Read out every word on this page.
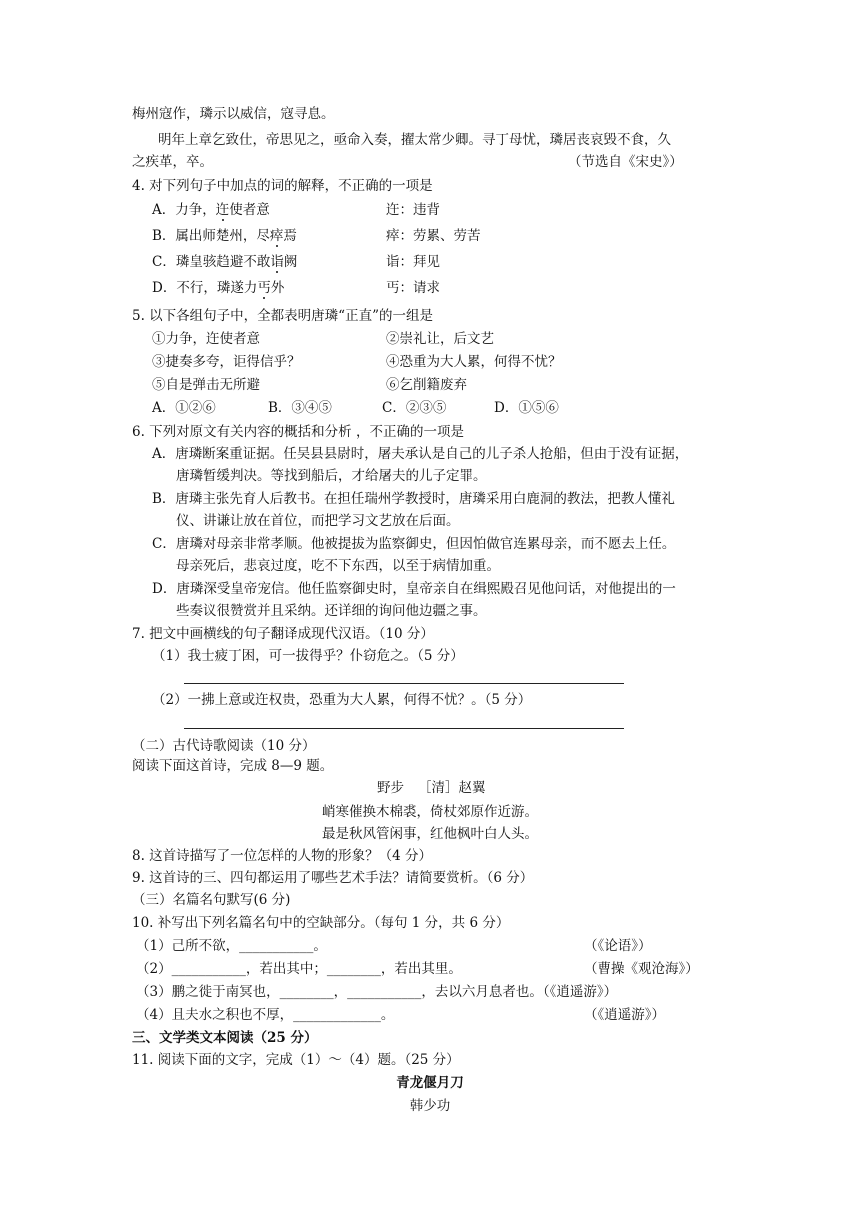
梅州寇作，璘示以威信，寇寻息。
明年上章乞致仕，帝思见之，亟命入奏，擢太常少卿。寻丁母忧，璘居丧哀毁不食，久
之疾革，卒。	（节选自《宋史》）
4. 对下列句子中加点的词的解释，不正确的一项是
A．力争，迕使者意	迕：违背
B．属出师楚州，尽瘁焉	瘁：劳累、劳苦
C．璘皇骇趋避不敢诣阙	诣：拜见
D．不行，璘遂力丐外	丐：请求
5. 以下各组句子中，全都表明唐璘“正直”的一组是
①力争，迕使者意	②崇礼让，后文艺
③捷奏多夸，讵得信乎？	④恐重为大人累，何得不忧？
⑤自是弹击无所避	⑥乞削籍废弃
A．①②⑥	B．③④⑤	C．②③⑤	D．①⑤⑥
6. 下列对原文有关内容的概括和分析 ，不正确的一项是
A．唐璘断案重证据。任吴县县尉时，屠夫承认是自己的儿子杀人抢船，但由于没有证据，
唐璘暂缓判决。等找到船后，才给屠夫的儿子定罪。
B．唐璘主张先育人后教书。在担任瑞州学教授时，唐璘采用白鹿洞的教法，把教人懂礼
仪、讲谦让放在首位，而把学习文艺放在后面。
C．唐璘对母亲非常孝顺。他被提拔为监察御史，但因怕做官连累母亲，而不愿去上任。
母亲死后，悲哀过度，吃不下东西，以至于病情加重。
D．唐璘深受皇帝宠信。他任监察御史时，皇帝亲自在缉熙殿召见他问话，对他提出的一
些奏议很赞赏并且采纳。还详细的询问他边疆之事。
7. 把文中画横线的句子翻译成现代汉语。（10 分）
（1）我士疲丁困，可一拔得乎？仆窃危之。（5 分）
（2）一拂上意或迕权贵，恐重为大人累，何得不忧？。（5 分）
（二）古代诗歌阅读（10 分）
阅读下面这首诗，完成 8—9 题。
野步 ［清］赵翼
峭寒催换木棉裘，倚杖郊原作近游。
最是秋风管闲事，红他枫叶白人头。
8. 这首诗描写了一位怎样的人物的形象？（4 分）
9. 这首诗的三、四句都运用了哪些艺术手法？请简要赏析。（6 分）
（三）名篇名句默写(6 分)
10. 补写出下列名篇名句中的空缺部分。（每句 1 分，共 6 分）
（1）己所不欲，___________。	（《论语》）
（2）___________，若出其中；________，若出其里。	（曹操《观沧海》）
（3）鹏之徙于南冥也，________，___________，去以六月息者也。（《逍遥游》）
（4）且夫水之积也不厚，_____________。	（《逍遥游》）
三、文学类文本阅读（25 分）
11. 阅读下面的文字，完成（1）～（4）题。（25 分）
青龙偃月刀
韩少功
